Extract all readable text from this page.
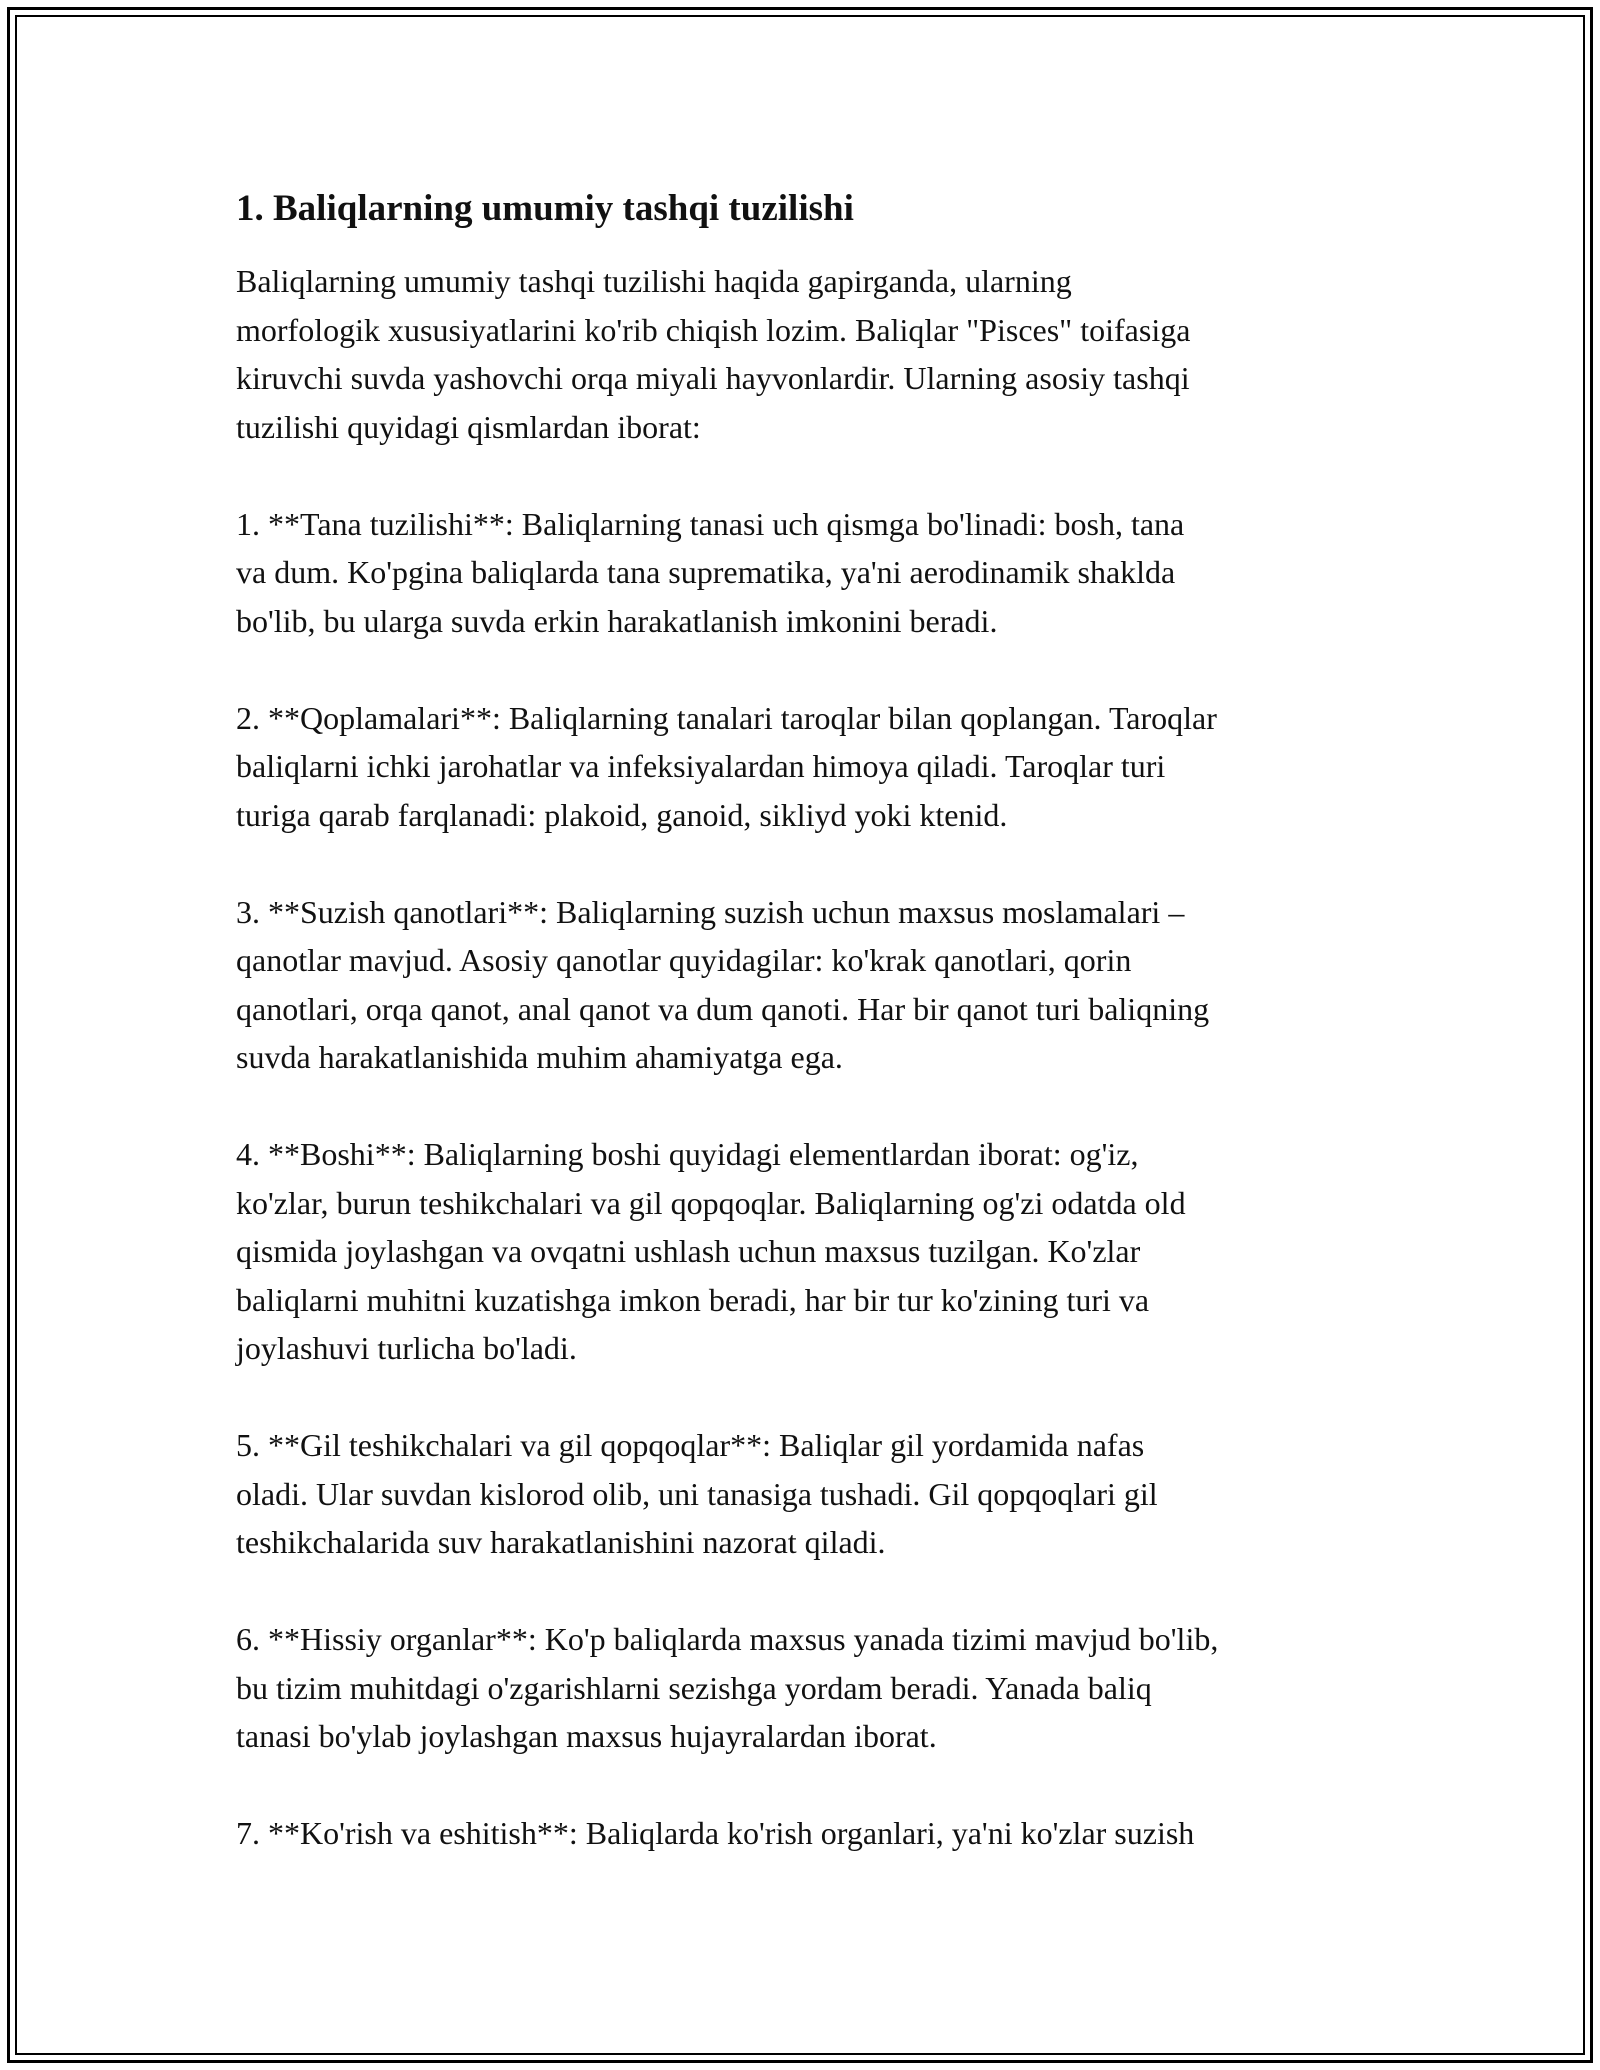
1. Baliqlarning umumiy tashqi tuzilishi

Baliqlarning umumiy tashqi tuzilishi haqida gapirganda, ularning
morfologik xususiyatlarini ko'rib chiqish lozim. Baliqlar "Pisces" toifasiga
kiruvchi suvda yashovchi orqa miyali hayvonlardir. Ularning asosiy tashqi
tuzilishi quyidagi qismlardan iborat:

1. **Tana tuzilishi**: Baliqlarning tanasi uch qismga bo'linadi: bosh, tana
va dum. Ko'pgina baliqlarda tana suprematika, ya'ni aerodinamik shaklda
bo'lib, bu ularga suvda erkin harakatlanish imkonini beradi.

2. **Qoplamalari**: Baliqlarning tanalari taroqlar bilan qoplangan. Taroqlar
baliqlarni ichki jarohatlar va infeksiyalardan himoya qiladi. Taroqlar turi
turiga qarab farqlanadi: plakoid, ganoid, sikliyd yoki ktenid.

3. **Suzish qanotlari**: Baliqlarning suzish uchun maxsus moslamalari –
qanotlar mavjud. Asosiy qanotlar quyidagilar: ko'krak qanotlari, qorin
qanotlari, orqa qanot, anal qanot va dum qanoti. Har bir qanot turi baliqning
suvda harakatlanishida muhim ahamiyatga ega.

4. **Boshi**: Baliqlarning boshi quyidagi elementlardan iborat: og'iz,
ko'zlar, burun teshikchalari va gil qopqoqlar. Baliqlarning og'zi odatda old
qismida joylashgan va ovqatni ushlash uchun maxsus tuzilgan. Ko'zlar
baliqlarni muhitni kuzatishga imkon beradi, har bir tur ko'zining turi va
joylashuvi turlicha bo'ladi.

5. **Gil teshikchalari va gil qopqoqlar**: Baliqlar gil yordamida nafas
oladi. Ular suvdan kislorod olib, uni tanasiga tushadi. Gil qopqoqlari gil
teshikchalarida suv harakatlanishini nazorat qiladi.

6. **Hissiy organlar**: Ko'p baliqlarda maxsus yanada tizimi mavjud bo'lib,
bu tizim muhitdagi o'zgarishlarni sezishga yordam beradi. Yanada baliq
tanasi bo'ylab joylashgan maxsus hujayralardan iborat.

7. **Ko'rish va eshitish**: Baliqlarda ko'rish organlari, ya'ni ko'zlar suzish
